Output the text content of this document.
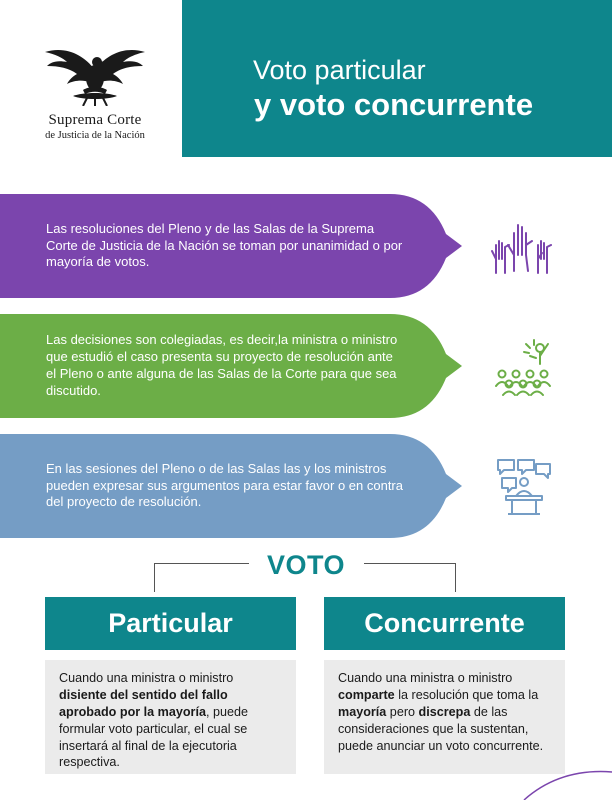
Suprema Corte
de Justicia de la Nación
Voto particular
y voto concurrente
Las resoluciones del Pleno y de las Salas de la Suprema Corte de Justicia de la Nación se toman por unanimidad o por mayoría de votos.
Las decisiones son colegiadas, es decir,la ministra o ministro que estudió el caso presenta su proyecto de resolución ante el Pleno o ante alguna de las Salas de la Corte para que sea discutido.
En las sesiones del Pleno o de las Salas las y los ministros pueden expresar sus argumentos para estar favor o en contra del proyecto de resolución.
VOTO
Particular
Cuando una ministra o ministro disiente del sentido del fallo aprobado por la mayoría, puede formular voto particular, el cual se insertará al final de la ejecutoria respectiva.
Concurrente
Cuando una ministra o ministro comparte la resolución que toma la mayoría pero discrepa de las consideraciones que la sustentan, puede anunciar un voto concurrente.
